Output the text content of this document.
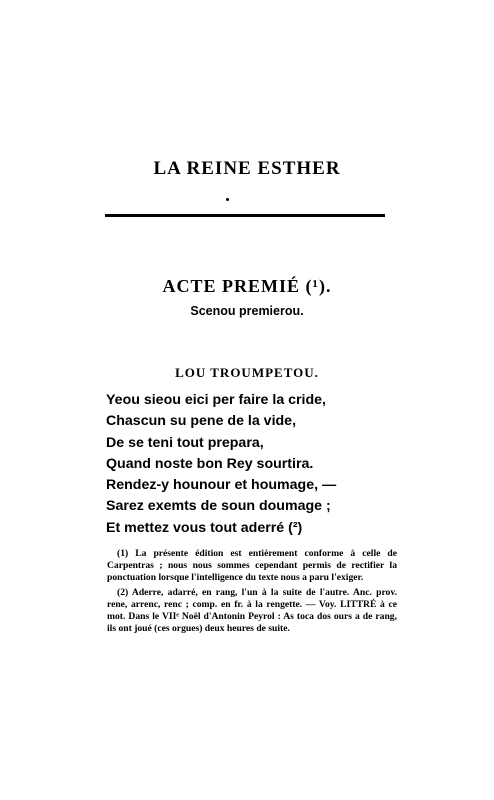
LA REINE ESTHER
ACTE PREMIÉ (¹).
Scenou premierou.
LOU TROUMPETOU.
Yeou sieou eici per faire la cride,
Chascun su pene de la vide,
De se teni tout prepara,
Quand noste bon Rey sourtira.
Rendez-y hounour et houmage, —
Sarez exemts de soun doumage ;
Et mettez vous tout aderré (²)

(1) La présente édition est entièrement conforme à celle de Carpentras ; nous nous sommes cependant permis de rectifier la ponctuation lorsque l'intelligence du texte nous a paru l'exiger.

(2) Aderre, adarré, en rang, l'un à la suite de l'autre. Anc. prov. rene, arrenc, renc ; comp. en fr. à la rengette. — Voy. LITTRÉ à ce mot. Dans le VIIᵉ Noël d'Antonin Peyrol : As toca dos ours a de rang, ils ont joué (ces orgues) deux heures de suite.
